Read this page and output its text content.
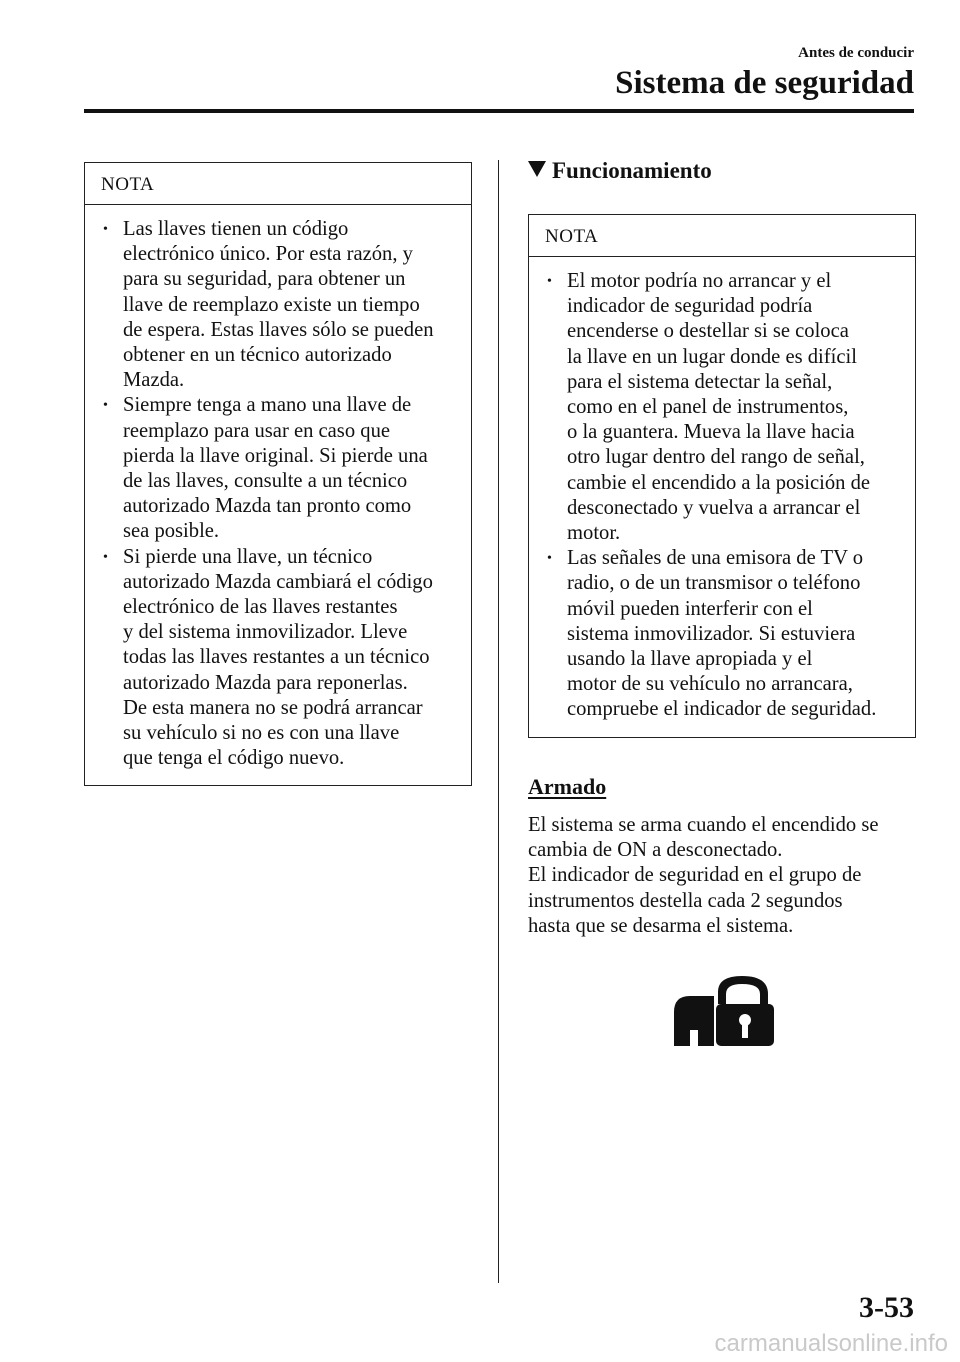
Antes de conducir
Sistema de seguridad
NOTA
• Las llaves tienen un código
electrónico único. Por esta razón, y
para su seguridad, para obtener un
llave de reemplazo existe un tiempo
de espera. Estas llaves sólo se pueden
obtener en un técnico autorizado
Mazda.
• Siempre tenga a mano una llave de
reemplazo para usar en caso que
pierda la llave original. Si pierde una
de las llaves, consulte a un técnico
autorizado Mazda tan pronto como
sea posible.
• Si pierde una llave, un técnico
autorizado Mazda cambiará el código
electrónico de las llaves restantes
y del sistema inmovilizador. Lleve
todas las llaves restantes a un técnico
autorizado Mazda para reponerlas.
De esta manera no se podrá arrancar
su vehículo si no es con una llave
que tenga el código nuevo.
Funcionamiento
NOTA
• El motor podría no arrancar y el
indicador de seguridad podría
encenderse o destellar si se coloca
la llave en un lugar donde es difícil
para el sistema detectar la señal,
como en el panel de instrumentos,
o la guantera. Mueva la llave hacia
otro lugar dentro del rango de señal,
cambie el encendido a la posición de
desconectado y vuelva a arrancar el
motor.
• Las señales de una emisora de TV o
radio, o de un transmisor o teléfono
móvil pueden interferir con el
sistema inmovilizador. Si estuviera
usando la llave apropiada y el
motor de su vehículo no arrancara,
compruebe el indicador de seguridad.
Armado

El sistema se arma cuando el encendido se
cambia de ON a desconectado.
El indicador de seguridad en el grupo de
instrumentos destella cada 2 segundos
hasta que se desarma el sistema.

3-53
carmanualsonline.info
